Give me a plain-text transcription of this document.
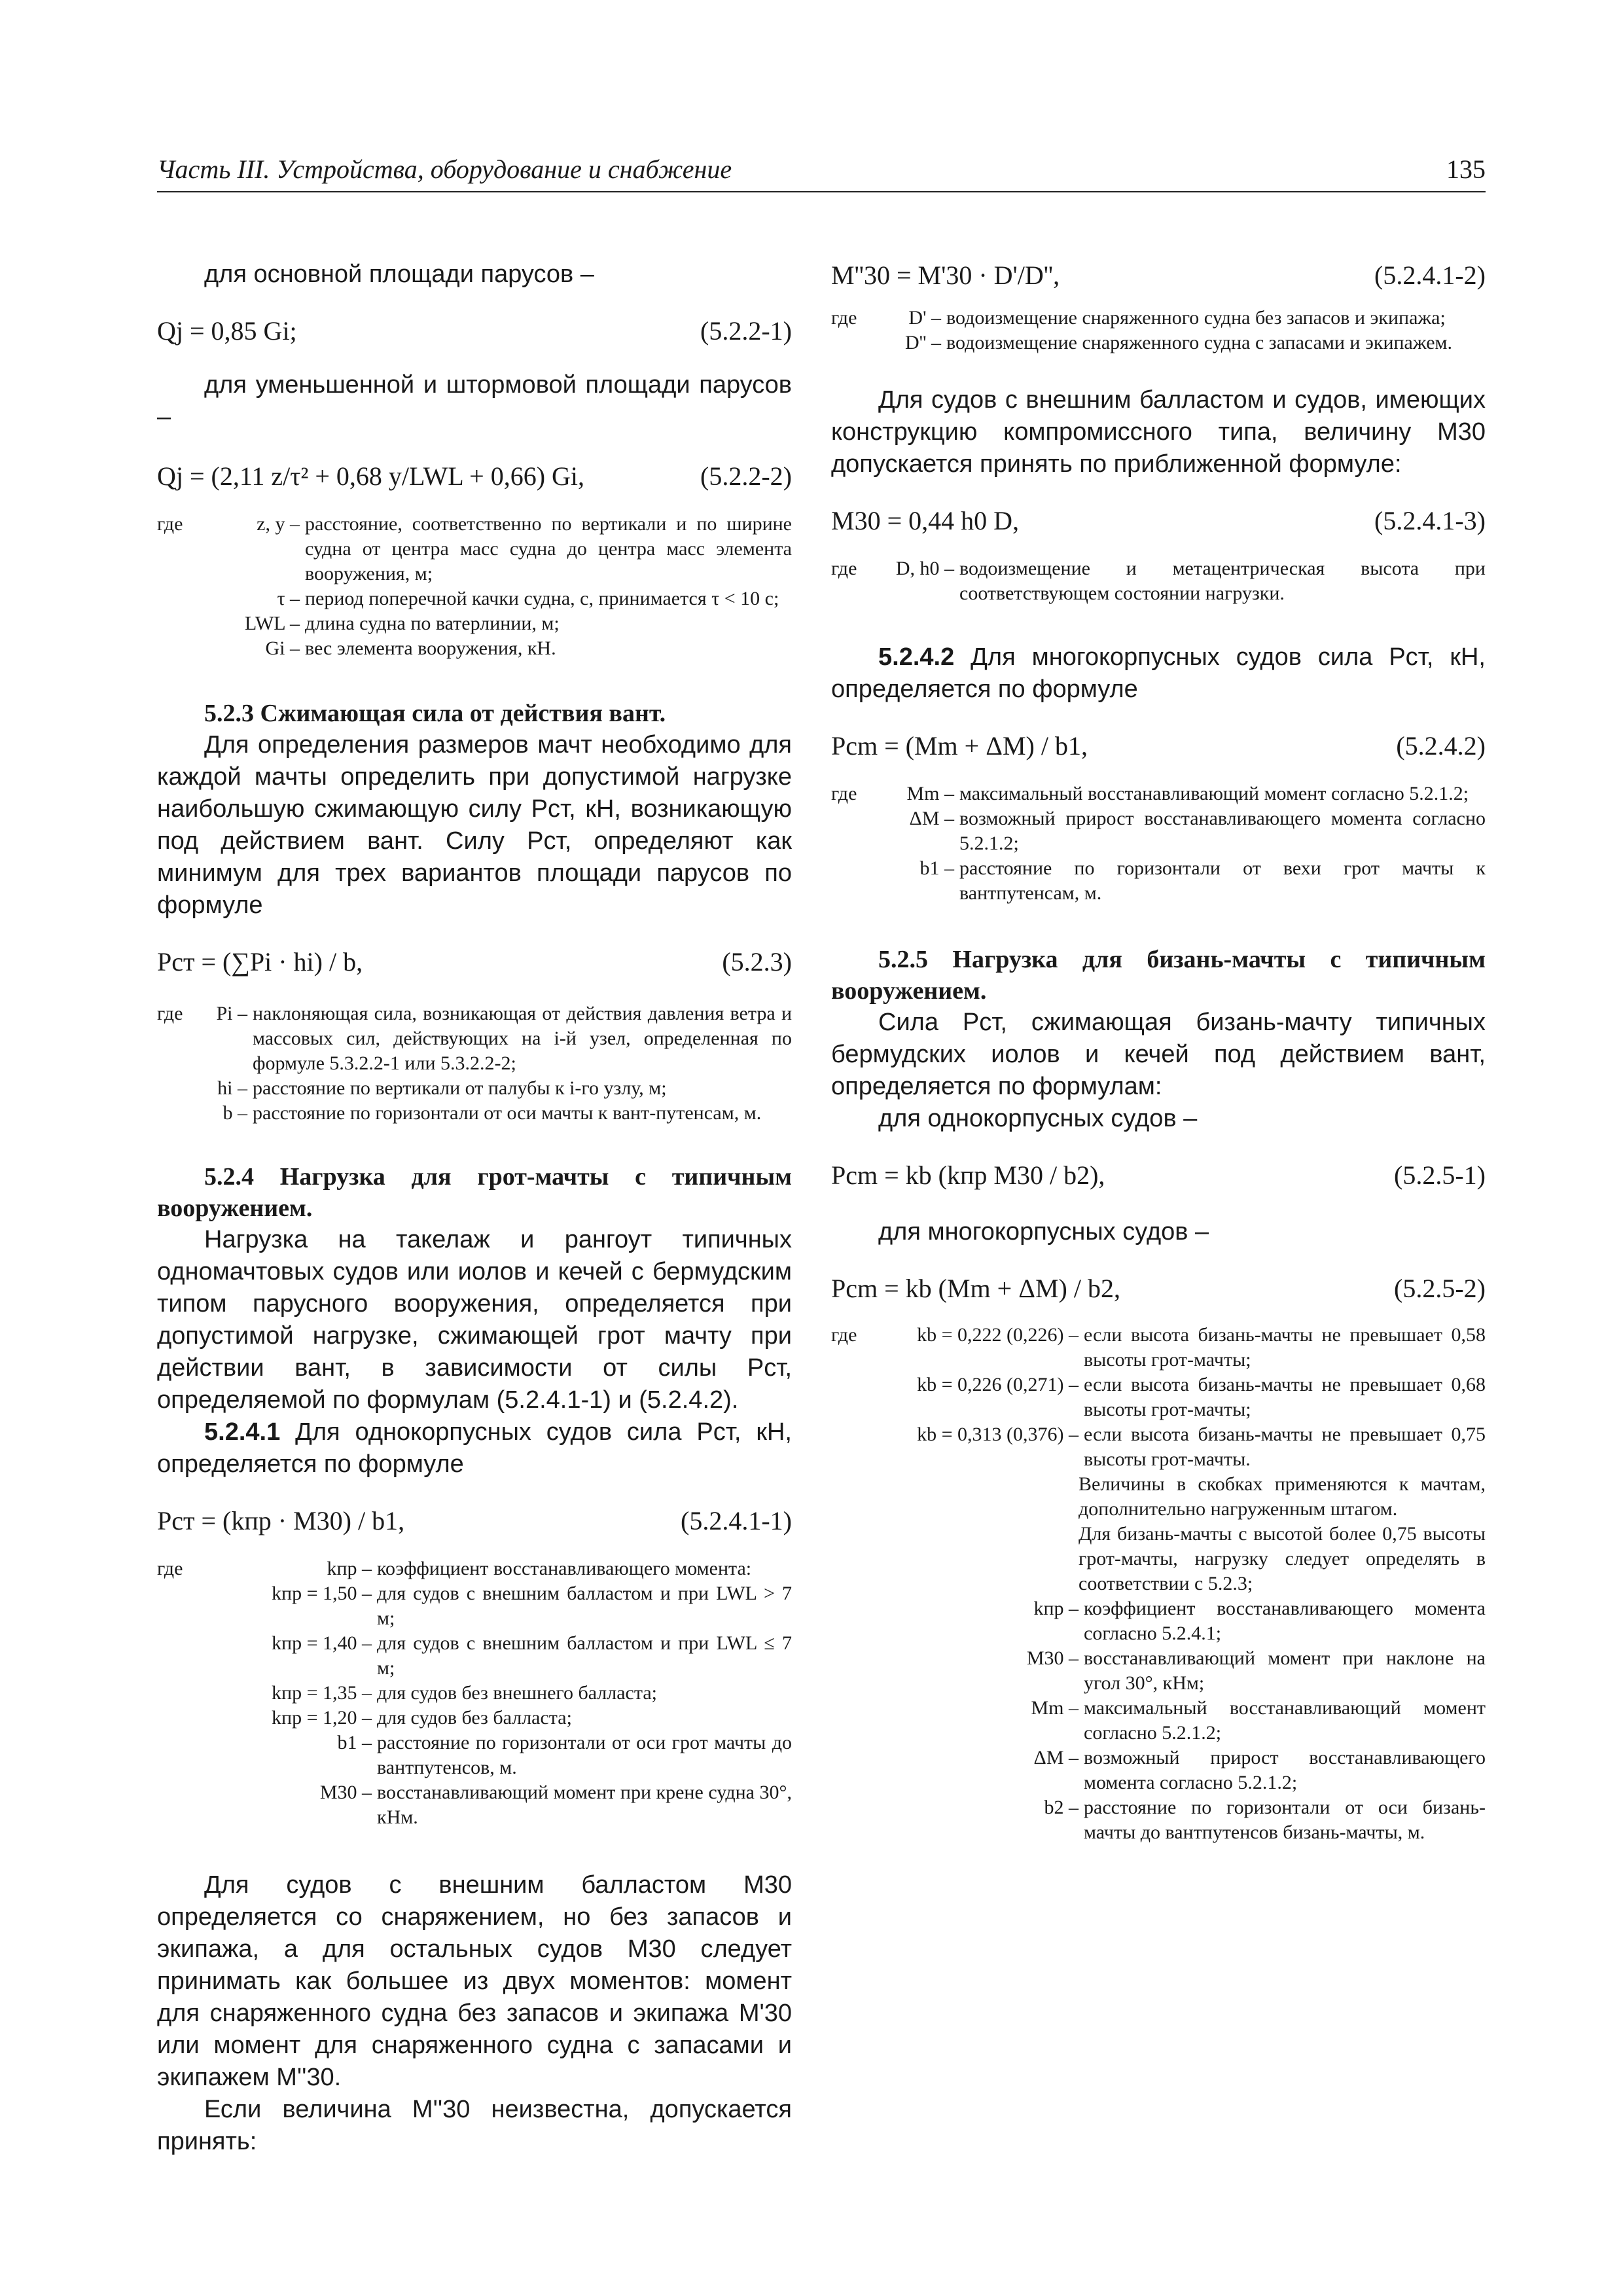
Часть III. Устройства, оборудование и снабжение	135

для основной площади парусов –

Qj = 0,85 Gi;	(5.2.2-1)

для уменьшенной и штормовой площади парусов –

Qj = (2,11 z/τ² + 0,68 y/LWL + 0,66) Gi,	(5.2.2-2)
где	z, y – расстояние, соответственно по вертикали и по ширине судна от центра масс судна до центра масс элемента вооружения, м;
τ – период поперечной качки судна, с, принимается τ < 10 с;
LWL – длина судна по ватерлинии, м;
Gi – вес элемента вооружения, кН.

5.2.3 Сжимающая сила от действия вант.

Для определения размеров мачт необходимо для каждой мачты определить при допустимой нагрузке наибольшую сжимающую силу Pст, кН, возникающую под действием вант. Силу Pст, определяют как минимум для трех вариантов площади парусов по формуле

Pст = (∑Pi · hi) / b,	(5.2.3)
где	Pi – наклоняющая сила, возникающая от действия давления ветра и массовых сил, действующих на i-й узел, определенная по формуле 5.3.2.2-1 или 5.3.2.2-2;
hi – расстояние по вертикали от палубы к i-го узлу, м;
b – расстояние по горизонтали от оси мачты к вант-путенсам, м.

5.2.4 Нагрузка для грот-мачты с типичным вооружением.

Нагрузка на такелаж и рангоут типичных одномачтовых судов или иолов и кечей с бермудским типом парусного вооружения, определяется при допустимой нагрузке, сжимающей грот мачту при действии вант, в зависимости от силы Pст, определяемой по формулам (5.2.4.1-1) и (5.2.4.2).

5.2.4.1 Для однокорпусных судов сила Pст, кН, определяется по формуле

Pст = (kпр · M30) / b1,	(5.2.4.1-1)
где	kпр – коэффициент восстанавливающего момента:
kпр = 1,50 – для судов с внешним балластом и при LWL > 7 м;
kпр = 1,40 – для судов с внешним балластом и при LWL ≤ 7 м;
kпр = 1,35 – для судов без внешнего балласта;
kпр = 1,20 – для судов без балласта;
b1 – расстояние по горизонтали от оси грот мачты до вантпутенсов, м.
M30 – восстанавливающий момент при крене судна 30°, кНм.

Для судов с внешним балластом M30 определяется со снаряжением, но без запасов и экипажа, а для остальных судов M30 следует принимать как большее из двух моментов: момент для снаряженного судна без запасов и экипажа M'30 или момент для снаряженного судна с запасами и экипажем M''30.

Если величина M''30 неизвестна, допускается принять:

M''30 = M'30 · D'/D'',	(5.2.4.1-2)
где	D' – водоизмещение снаряженного судна без запасов и экипажа;
D'' – водоизмещение снаряженного судна с запасами и экипажем.

Для судов с внешним балластом и судов, имеющих конструкцию компромиссного типа, величину M30 допускается принять по приближенной формуле:

M30 = 0,44 h0 D,	(5.2.4.1-3)
где	D, h0 – водоизмещение и метацентрическая высота при соответствующем состоянии нагрузки.

5.2.4.2 Для многокорпусных судов сила Pст, кН, определяется по формуле

Pcm = (Mm + ΔM) / b1,	(5.2.4.2)
где	Mm – максимальный восстанавливающий момент согласно 5.2.1.2;
ΔM – возможный прирост восстанавливающего момента согласно 5.2.1.2;
b1 – расстояние по горизонтали от вехи грот мачты к вантпутенсам, м.

5.2.5 Нагрузка для бизань-мачты с типичным вооружением.

Сила Pст, сжимающая бизань-мачту типичных бермудских иолов и кечей под действием вант, определяется по формулам:

для однокорпусных судов –

Pcm = kb (kпр M30 / b2),	(5.2.5-1)

для многокорпусных судов –

Pcm = kb (Mm + ΔM) / b2,	(5.2.5-2)
где	kb = 0,222 (0,226) – если высота бизань-мачты не превышает 0,58 высоты грот-мачты;
kb = 0,226 (0,271) – если высота бизань-мачты не превышает 0,68 высоты грот-мачты;
kb = 0,313 (0,376) – если высота бизань-мачты не превышает 0,75 высоты грот-мачты.
Величины в скобках применяются к мачтам, дополнительно нагруженным штагом.
Для бизань-мачты с высотой более 0,75 высоты грот-мачты, нагрузку следует определять в соответствии с 5.2.3;
kпр – коэффициент восстанавливающего момента согласно 5.2.4.1;
M30 – восстанавливающий момент при наклоне на угол 30°, кНм;
Mm – максимальный восстанавливающий момент согласно 5.2.1.2;
ΔM – возможный прирост восстанавливающего момента согласно 5.2.1.2;
b2 – расстояние по горизонтали от оси бизань-мачты до вантпутенсов бизань-мачты, м.
